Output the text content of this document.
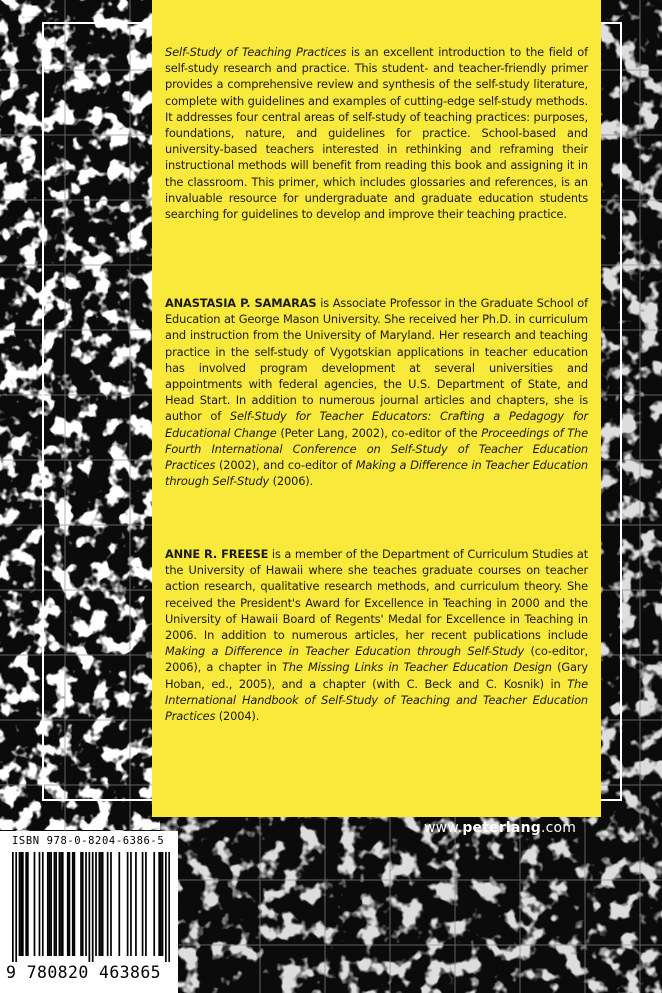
Self-Study of Teaching Practices is an excellent introduction to the field of self-study research and practice. This student- and teacher-friendly primer provides a comprehensive review and synthesis of the self-study literature, complete with guidelines and examples of cutting-edge self-study methods. It addresses four central areas of self-study of teaching practices: purposes, foundations, nature, and guidelines for practice. School-based and university-based teachers interested in rethinking and reframing their instructional methods will benefit from reading this book and assigning it in the classroom. This primer, which includes glossaries and references, is an invaluable resource for undergraduate and graduate education students searching for guidelines to develop and improve their teaching practice.

ANASTASIA P. SAMARAS is Associate Professor in the Graduate School of Education at George Mason University. She received her Ph.D. in curriculum and instruction from the University of Maryland. Her research and teaching practice in the self-study of Vygotskian applications in teacher education has involved program development at several universities and appointments with federal agencies, the U.S. Department of State, and Head Start. In addition to numerous journal articles and chapters, she is author of Self-Study for Teacher Educators: Crafting a Pedagogy for Educational Change (Peter Lang, 2002), co-editor of the Proceedings of The Fourth International Conference on Self-Study of Teacher Education Practices (2002), and co-editor of Making a Difference in Teacher Education through Self-Study (2006).

ANNE R. FREESE is a member of the Department of Curriculum Studies at the University of Hawaii where she teaches graduate courses on teacher action research, qualitative research methods, and curriculum theory. She received the President's Award for Excellence in Teaching in 2000 and the University of Hawaii Board of Regents' Medal for Excellence in Teaching in 2006. In addition to numerous articles, her recent publications include Making a Difference in Teacher Education through Self-Study (co-editor, 2006), a chapter in The Missing Links in Teacher Education Design (Gary Hoban, ed., 2005), and a chapter (with C. Beck and C. Kosnik) in The International Handbook of Self-Study of Teaching and Teacher Education Practices (2004).

www.peterlang.com
ISBN 978-0-8204-6386-5
9 780820 463865
